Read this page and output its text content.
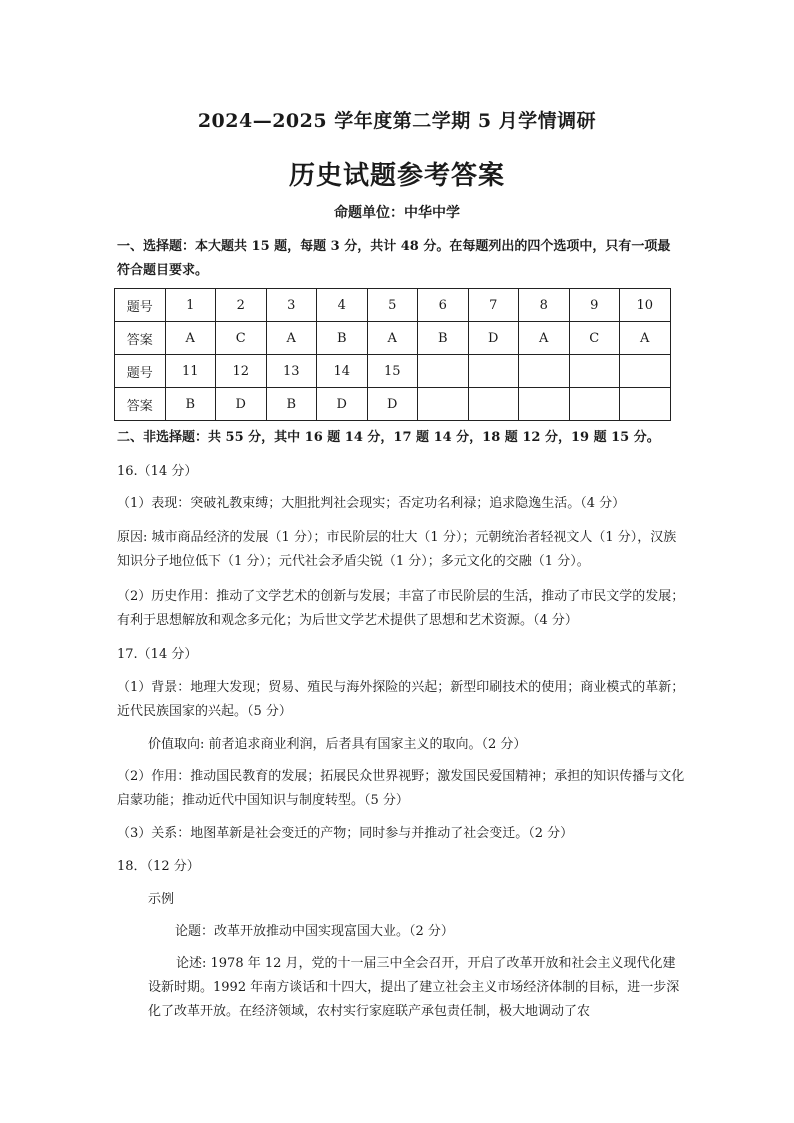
2024—2025 学年度第二学期 5 月学情调研
历史试题参考答案
命题单位：中华中学
一、选择题：本大题共 15 题，每题 3 分，共计 48 分。在每题列出的四个选项中，只有一项最符合题目要求。
题号	1	2	3	4	5	6	7	8	9	10
答案	A	C	A	B	A	B	D	A	C	A
题号	11	12	13	14	15					
答案	B	D	B	D	D					
二、非选择题：共 55 分，其中 16 题 14 分，17 题 14 分，18 题 12 分，19 题 15 分。

16.（14 分）

（1）表现：突破礼教束缚；大胆批判社会现实；否定功名利禄；追求隐逸生活。（4 分）

原因: 城市商品经济的发展（1 分）；市民阶层的壮大（1 分）；元朝统治者轻视文人（1 分），汉族知识分子地位低下（1 分）；元代社会矛盾尖锐（1 分）；多元文化的交融（1 分）。

（2）历史作用：推动了文学艺术的创新与发展；丰富了市民阶层的生活，推动了市民文学的发展；有利于思想解放和观念多元化；为后世文学艺术提供了思想和艺术资源。（4 分）

17.（14 分）

（1）背景：地理大发现；贸易、殖民与海外探险的兴起；新型印刷技术的使用；商业模式的革新；近代民族国家的兴起。（5 分）

价值取向: 前者追求商业利润，后者具有国家主义的取向。（2 分）

（2）作用：推动国民教育的发展；拓展民众世界视野；激发国民爱国精神；承担的知识传播与文化启蒙功能；推动近代中国知识与制度转型。（5 分）

（3）关系：地图革新是社会变迁的产物；同时参与并推动了社会变迁。（2 分）

18．（12 分）

示例

论题：改革开放推动中国实现富国大业。（2 分）

论述: 1978 年 12 月，党的十一届三中全会召开，开启了改革开放和社会主义现代化建设新时期。1992 年南方谈话和十四大，提出了建立社会主义市场经济体制的目标，进一步深化了改革开放。在经济领域，农村实行家庭联产承包责任制，极大地调动了农
